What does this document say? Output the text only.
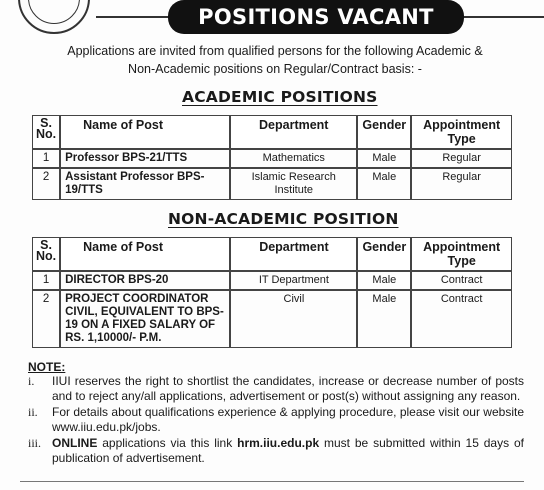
POSITIONS VACANT
Applications are invited from qualified persons for the following Academic &
Non-Academic positions on Regular/Contract basis: -
ACADEMIC POSITIONS
S. No.	Name of Post	Department	Gender	Appointment Type
1	Professor BPS-21/TTS	Mathematics	Male	Regular
2	Assistant Professor BPS-19/TTS	Islamic Research Institute	Male	Regular
NON-ACADEMIC POSITION
S. No.	Name of Post	Department	Gender	Appointment Type
1	DIRECTOR BPS-20	IT Department	Male	Contract
2	PROJECT COORDINATOR CIVIL, EQUIVALENT TO BPS-19 ON A FIXED SALARY OF RS. 1,10000/- P.M.	Civil	Male	Contract
NOTE:
i.	IIUI reserves the right to shortlist the candidates, increase or decrease number of posts and to reject any/all applications, advertisement or post(s) without assigning any reason.
ii.	For details about qualifications experience & applying procedure, please visit our website www.iiu.edu.pk/jobs.
iii. ONLINE applications via this link hrm.iiu.edu.pk must be submitted within 15 days of publication of advertisement.
